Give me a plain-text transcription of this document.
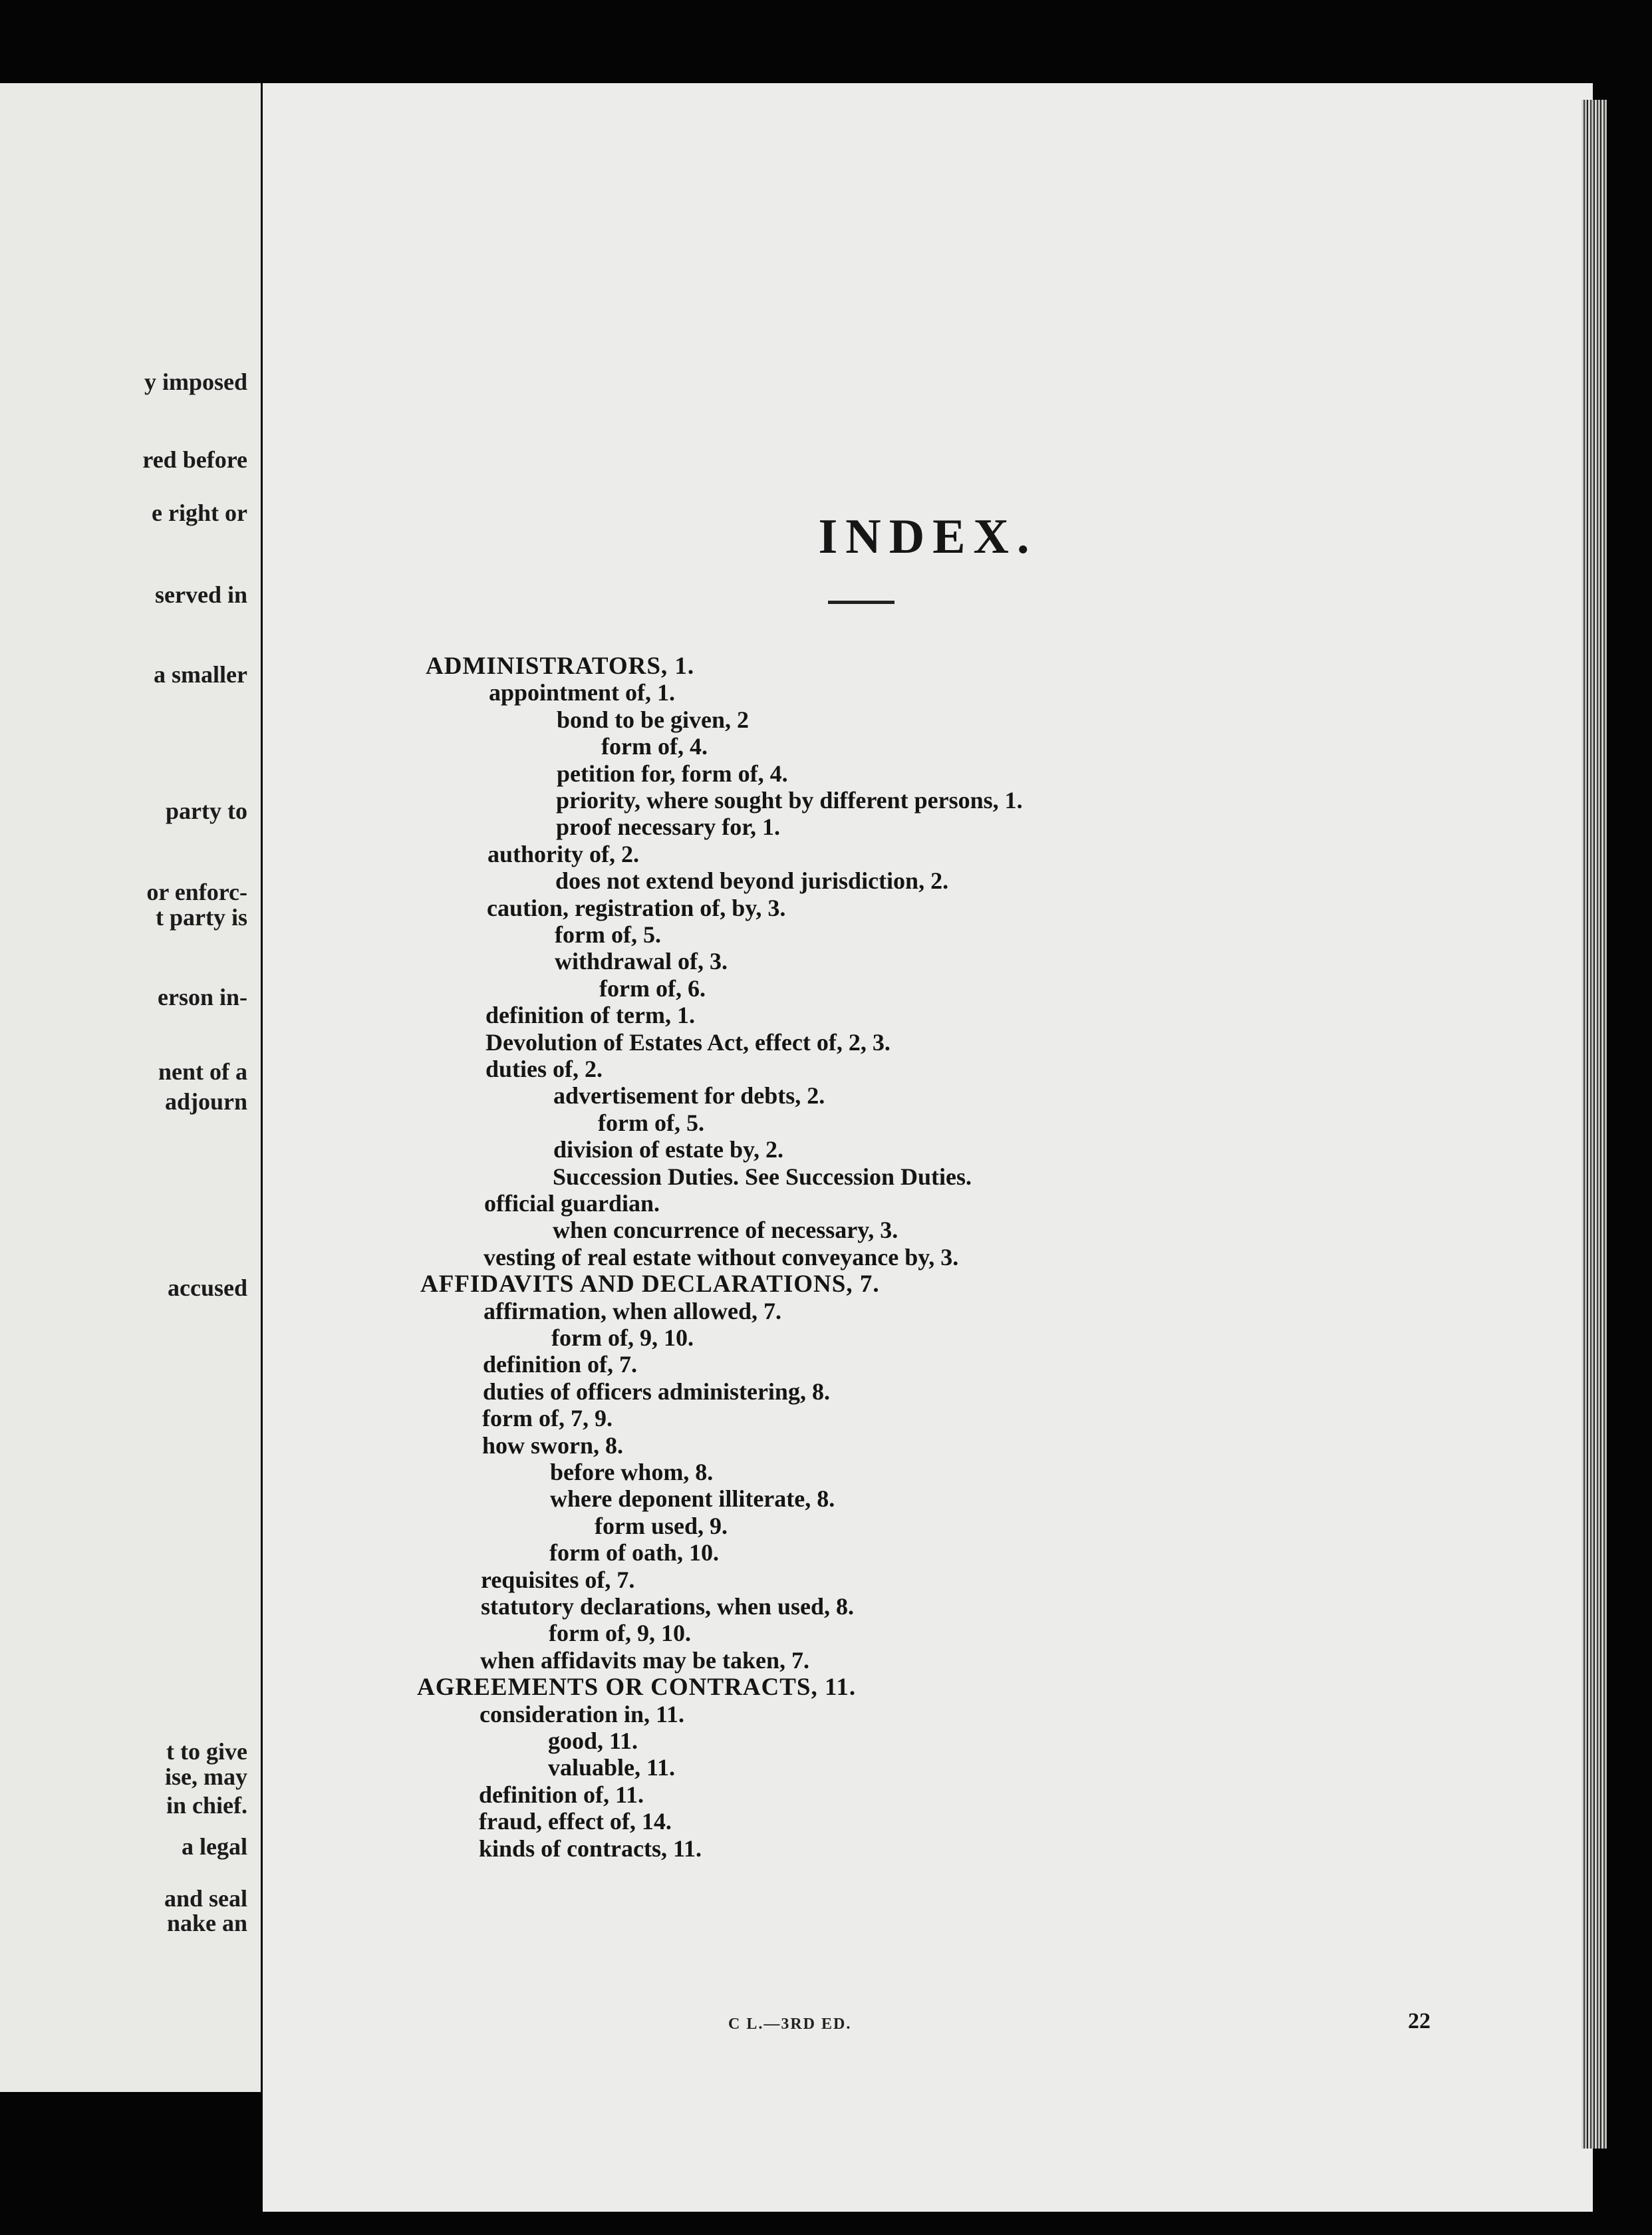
y imposed
red before
e right or
served in
a smaller
party to
or enforc-
t party is
erson in-
nent of a
adjourn
accused
t to give
ise, may
in chief.
a legal
and seal
nake an
INDEX.
ADMINISTRATORS, 1.
appointment of, 1.
bond to be given, 2
form of, 4.
petition for, form of, 4.
priority, where sought by different persons, 1.
proof necessary for, 1.
authority of, 2.
does not extend beyond jurisdiction, 2.
caution, registration of, by, 3.
form of, 5.
withdrawal of, 3.
form of, 6.
definition of term, 1.
Devolution of Estates Act, effect of, 2, 3.
duties of, 2.
advertisement for debts, 2.
form of, 5.
division of estate by, 2.
Succession Duties. See Succession Duties.
official guardian.
when concurrence of necessary, 3.
vesting of real estate without conveyance by, 3.
AFFIDAVITS AND DECLARATIONS, 7.
affirmation, when allowed, 7.
form of, 9, 10.
definition of, 7.
duties of officers administering, 8.
form of, 7, 9.
how sworn, 8.
before whom, 8.
where deponent illiterate, 8.
form used, 9.
form of oath, 10.
requisites of, 7.
statutory declarations, when used, 8.
form of, 9, 10.
when affidavits may be taken, 7.
AGREEMENTS OR CONTRACTS, 11.
consideration in, 11.
good, 11.
valuable, 11.
definition of, 11.
fraud, effect of, 14.
kinds of contracts, 11.
C L.—3RD ED.	22
